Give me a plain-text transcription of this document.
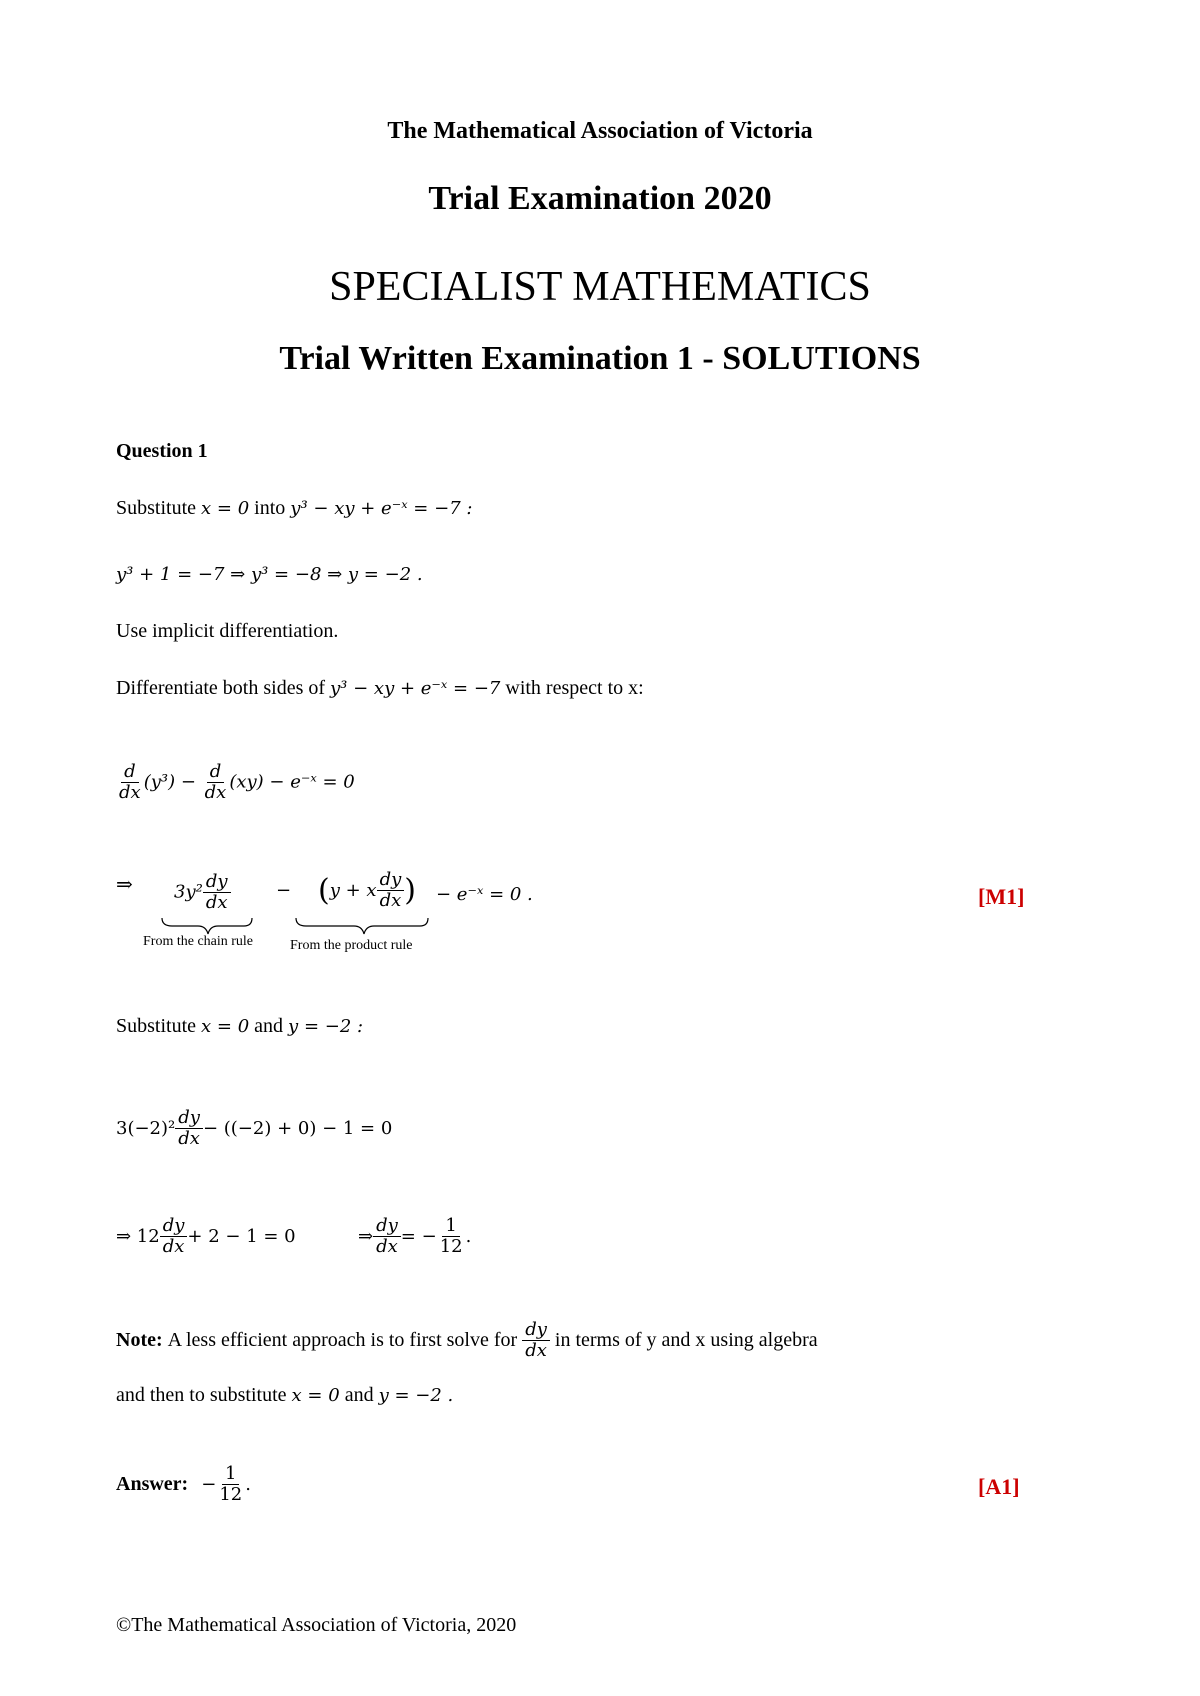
The Mathematical Association of Victoria
Trial Examination 2020
SPECIALIST MATHEMATICS
Trial Written Examination 1 - SOLUTIONS
Question 1
Substitute x = 0 into y³ − xy + e⁻ˣ = −7 :
y³ + 1 = −7 ⇒ y³ = −8 ⇒ y = −2 .
Use implicit differentiation.
Differentiate both sides of y³ − xy + e⁻ˣ = −7 with respect to x:
$\frac{d}{dx} (y^3) - \frac{d}{dx} (xy)$ − e⁻ˣ = 0
⇒ $3y^2 \frac{dy}{dx}$	− (y + x $\frac{dy}{dx}$ ) − e⁻ˣ = 0 .	[M1]
From the chain rule	From the product rule
Substitute x = 0 and y = −2 :
$3(-2)^2 \frac{dy}{dx} - ((-2) + 0) - 1 = 0$
⇒ $12 \frac{dy}{dx} + 2 - 1 = 0$	⇒ $\frac{dy}{dx}$ = − $\frac{1}{12}$ .
Note: A less efficient approach is to first solve for $\frac{dy}{dx}$ in terms of y and x using algebra
and then to substitute x = 0 and y = −2 .
Answer: − $\frac{1}{12}$ .	[A1]
©The Mathematical Association of Victoria, 2020
